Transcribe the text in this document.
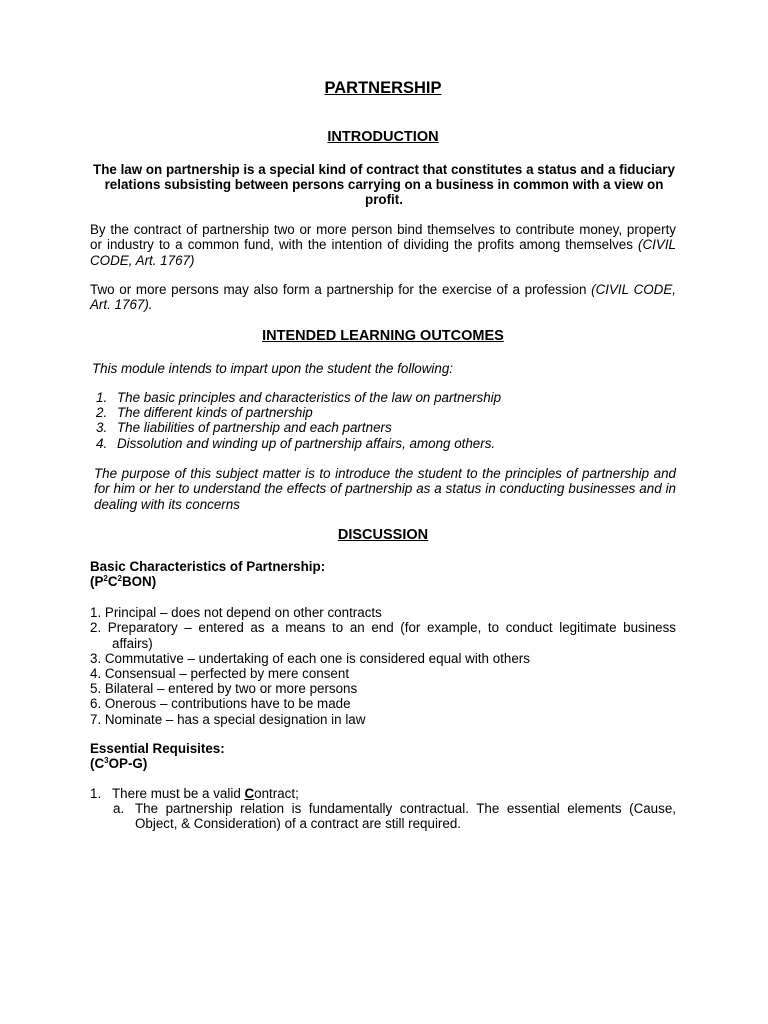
PARTNERSHIP
INTRODUCTION

The law on partnership is a special kind of contract that constitutes a status and a fiduciary relations subsisting between persons carrying on a business in common with a view on profit.

By the contract of partnership two or more person bind themselves to contribute money, property or industry to a common fund, with the intention of dividing the profits among themselves (CIVIL CODE, Art. 1767)

Two or more persons may also form a partnership for the exercise of a profession (CIVIL CODE, Art. 1767).

INTENDED LEARNING OUTCOMES
This module intends to impart upon the student the following:
1. The basic principles and characteristics of the law on partnership
2. The different kinds of partnership
3. The liabilities of partnership and each partners
4. Dissolution and winding up of partnership affairs, among others.

The purpose of this subject matter is to introduce the student to the principles of partnership and for him or her to understand the effects of partnership as a status in conducting businesses and in dealing with its concerns

DISCUSSION
Basic Characteristics of Partnership:
$(P^2C^2BON)$
1. Principal – does not depend on other contracts
2. Preparatory – entered as a means to an end (for example, to conduct legitimate business affairs)
3. Commutative – undertaking of each one is considered equal with others
4. Consensual – perfected by mere consent
5. Bilateral – entered by two or more persons
6. Onerous – contributions have to be made
7. Nominate – has a special designation in law
Essential Requisites:
$(C^3OP-G)$
1. There must be a valid Contract;
a. The partnership relation is fundamentally contractual. The essential elements (Cause, Object, & Consideration) of a contract are still required.
